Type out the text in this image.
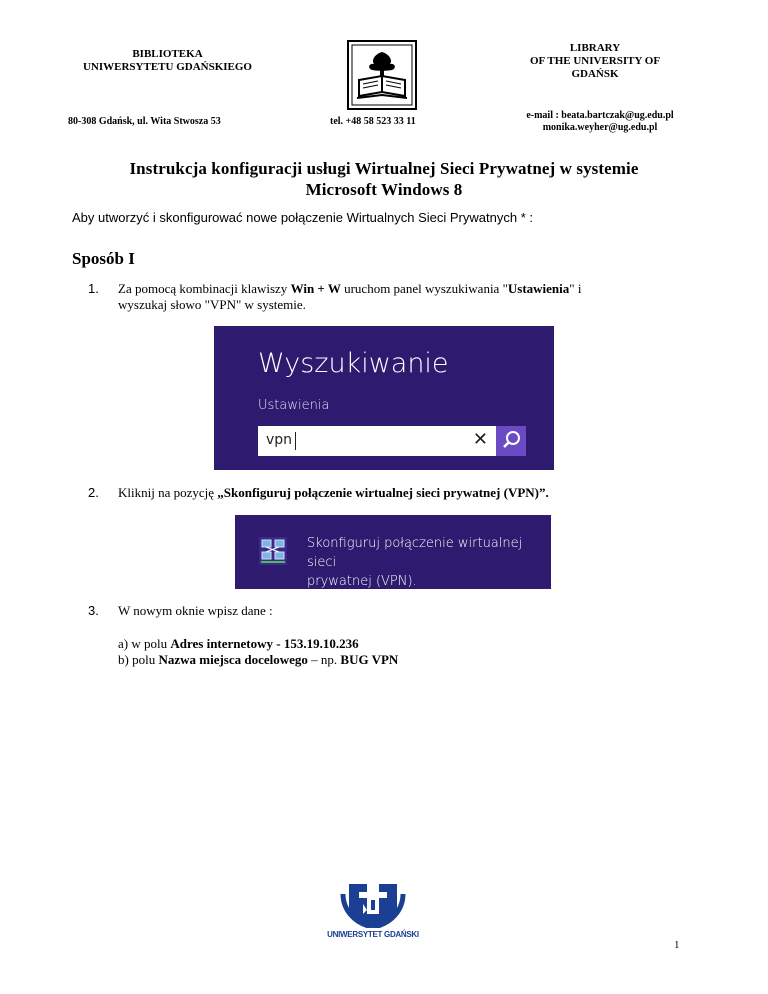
BIBLIOTEKA
UNIWERSYTETU GDAŃSKIEGO
LIBRARY
OF THE UNIVERSITY OF
GDAŃSK
80-308 Gdańsk, ul. Wita Stwosza 53	tel. +48 58 523 33 11
e-mail : beata.bartczak@ug.edu.pl
monika.weyher@ug.edu.pl
Instrukcja konfiguracji usługi Wirtualnej Sieci Prywatnej w systemie
Microsoft Windows 8
Aby utworzyć i skonfigurować nowe połączenie Wirtualnych Sieci Prywatnych * :
Sposób I
1.	Za pomocą kombinacji klawiszy Win + W uruchom panel wyszukiwania "Ustawienia" i
wyszukaj słowo "VPN" w systemie.
Wyszukiwanie
Ustawienia
vpn	✕
2.	Kliknij na pozycję „Skonfiguruj połączenie wirtualnej sieci prywatnej (VPN)”.
Skonfiguruj połączenie wirtualnej sieci
prywatnej (VPN).
3.	W nowym oknie wpisz dane :
a) w polu Adres internetowy - 153.19.10.236
b) polu Nazwa miejsca docelowego – np. BUG VPN
UNIWERSYTET GDAŃSKI
1
